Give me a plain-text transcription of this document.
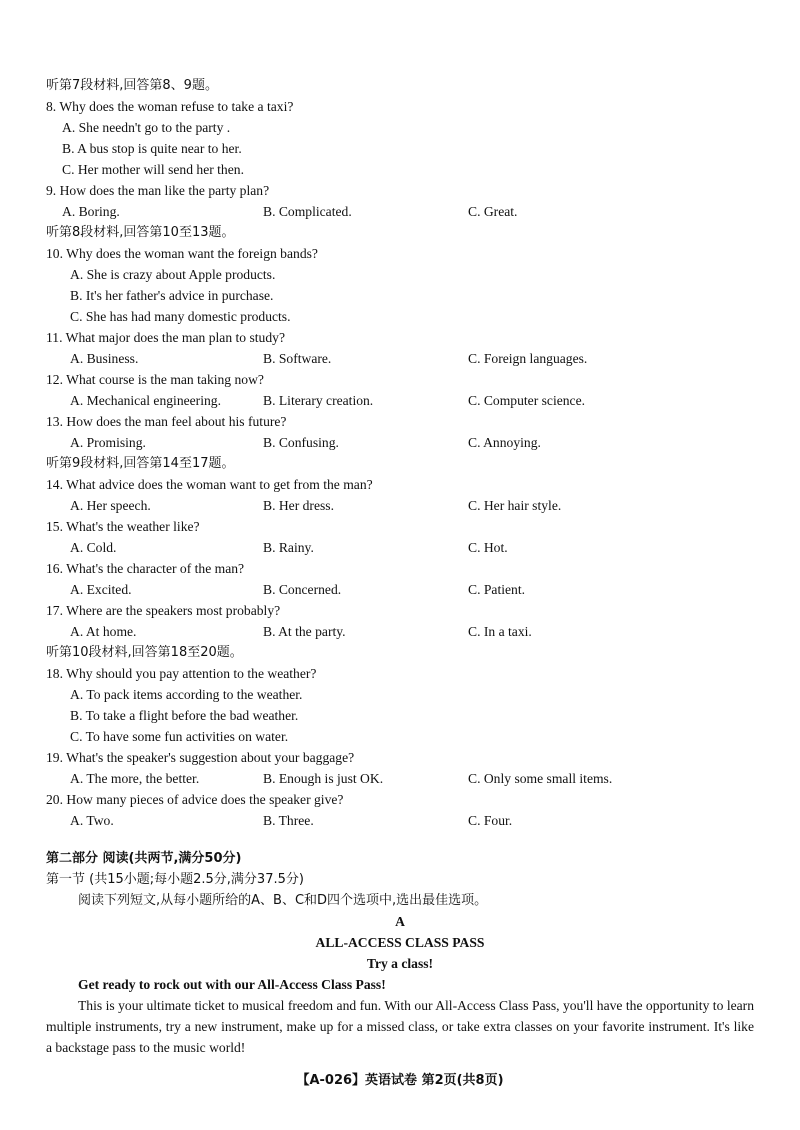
听第7段材料,回答第8、9题。
8. Why does the woman refuse to take a taxi?
A. She needn't go to the party .
B. A bus stop is quite near to her.
C. Her mother will send her then.
9. How does the man like the party plan?
A. Boring.	B. Complicated.	C. Great.
听第8段材料,回答第10至13题。
10. Why does the woman want the foreign bands?
A. She is crazy about Apple products.
B. It's her father's advice in purchase.
C. She has had many domestic products.
11. What major does the man plan to study?
A. Business.	B. Software.	C. Foreign languages.
12. What course is the man taking now?
A. Mechanical engineering.	B. Literary creation.	C. Computer science.
13. How does the man feel about his future?
A. Promising.	B. Confusing.	C. Annoying.
听第9段材料,回答第14至17题。
14. What advice does the woman want to get from the man?
A. Her speech.	B. Her dress.	C. Her hair style.
15. What's the weather like?
A. Cold.	B. Rainy.	C. Hot.
16. What's the character of the man?
A. Excited.	B. Concerned.	C. Patient.
17. Where are the speakers most probably?
A. At home.	B. At the party.	C. In a taxi.
听第10段材料,回答第18至20题。
18. Why should you pay attention to the weather?
A. To pack items according to the weather.
B. To take a flight before the bad weather.
C. To have some fun activities on water.
19. What's the speaker's suggestion about your baggage?
A. The more, the better.	B. Enough is just OK.	C. Only some small items.
20. How many pieces of advice does the speaker give?
A. Two.	B. Three.	C. Four.
第二部分 阅读(共两节,满分50分)
第一节 (共15小题;每小题2.5分,满分37.5分)
阅读下列短文,从每小题所给的A、B、C和D四个选项中,选出最佳选项。
A
ALL-ACCESS CLASS PASS
Try a class!
Get ready to rock out with our All-Access Class Pass!
This is your ultimate ticket to musical freedom and fun. With our All-Access Class Pass, you'll have the opportunity to learn multiple instruments, try a new instrument, make up for a missed class, or take extra classes on your favorite instrument. It's like a backstage pass to the music world!
【A-026】英语试卷 第2页(共8页)
